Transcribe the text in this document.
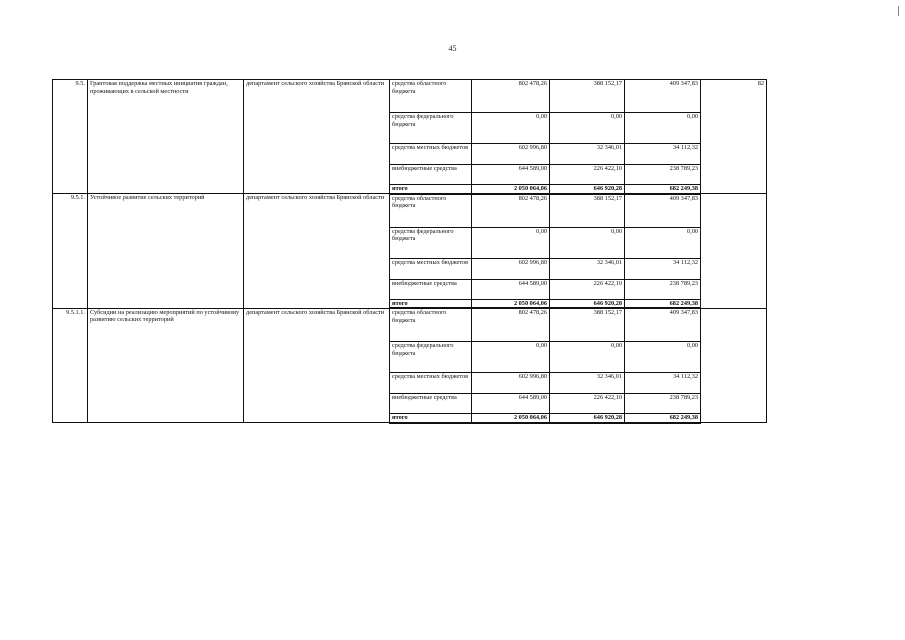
45
9.5.	Грантовая поддержка местных инициатив граждан, проживающих в сельской местности	департамент сельского хозяйства Брянской области	средства областного бюджета	802 478,26	388 152,17	409 347,83	82
			средства федерального бюджета	0,00	0,00	0,00	
			средства местных бюджетов	602 996,80	32 346,01	34 112,32	
			внебюджетные средства	644 589,00	226 422,10	238 789,23	
			итого	2 050 064,06	646 920,28	682 249,38	
9.5.1.	Устойчивое развитие сельских территорий	департамент сельского хозяйства Брянской области	средства областного бюджета	802 478,26	388 152,17	409 347,83	
			средства федерального бюджета	0,00	0,00	0,00	
			средства местных бюджетов	602 996,80	32 346,01	34 112,32	
			внебюджетные средства	644 589,00	226 422,10	238 789,23	
			итого	2 050 064,06	646 920,28	682 249,38	
9.5.1.1.	Субсидии на реализацию мероприятий по устойчивому развитию сельских территорий	департамент сельского хозяйства Брянской области	средства областного бюджета	802 478,26	388 152,17	409 347,83	
			средства федерального бюджета	0,00	0,00	0,00	
			средства местных бюджетов	602 996,80	32 346,01	34 112,32	
			внебюджетные средства	644 589,00	226 422,10	238 789,23	
			итого	2 050 064,06	646 920,28	682 249,38	
